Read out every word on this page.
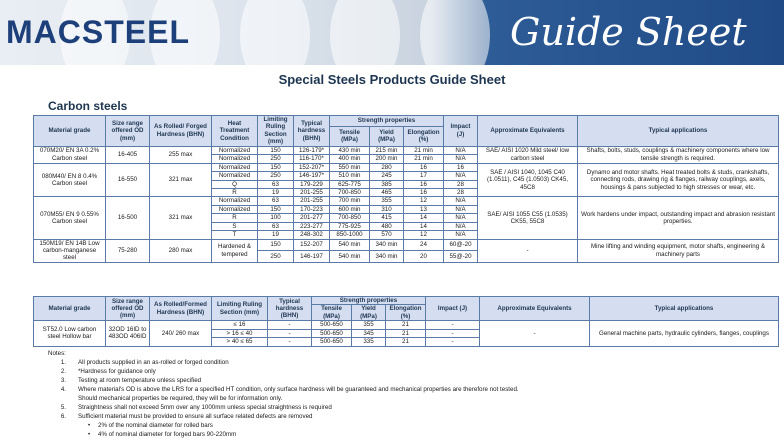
MACSTEEL	Guide Sheet
Special Steels Products Guide Sheet
Carbon steels
Material grade	Size range offered OD (mm)	As Rolled/ Forged Hardness (BHN)	Heat Treatment Condition	Limiting Ruling Section (mm)	Typical hardness (BHN)	Strength properties			Impact (J)	Approximate Equivalents	Typical applications
						Tensile (MPa)	Yield (MPa)	Elongation (%)			
070M20/ EN 3A 0.2% Carbon steel	16-405	255 max	Normalized	150	126-179*	430 min	215 min	21 min	N/A	SAE/ AISI 1020 Mild steel/ low carbon steel	Shafts, bolts, studs, couplings & machinery components where low tensile strength is required.
			Normalized	250	116-170*	400 min	200 min	21 min	N/A		
080M40/ EN 8 0.4% Carbon steel	16-550	321 max	Normalized	150	152-207*	550 min	280	16	16	SAE / AISI 1040, 1045 C40 (1.0511), C45 (1.0503) CK45, 45C8	Dynamo and motor shafts. Heat treated bolts & studs, crankshafts, connecting rods, drawing rig & flanges, railway couplings, axels, housings & pans subjected to high stresses or wear, etc.
			Normalized	250	146-197*	510 min	245	17	N/A		
			Q	63	179-229	625-775	385	16	28		
			R	19	201-255	700-850	465	16	28		
070M55/ EN 9 0.55% Carbon steel	16-500	321 max	Normalized	63	201-255	700 min	355	12	N/A	SAE/ AISI 1055 C55 (1.0535) CK55, 55C8	Work hardens under impact, outstanding impact and abrasion resistant properties.
			Normalized	150	170-223	600 min	310	13	N/A		
			R	100	201-277	700-850	415	14	N/A		
			S	63	223-277	775-925	480	14	N/A		
			T	19	248-302	850-1000	570	12	N/A		
150M19/ EN 14B Low carbon-manganese steel	75-280	280 max	Hardened & tempered	150	152-207	540 min	340 min	24	60@-20	-	Mine lifting and winding equipment, motor shafts, engineering & machinery parts
				250	146-197	540 min	340 min	20	55@-20		
Material grade	Size range offered OD (mm)	As Rolled/Formed Hardness (BHN)	Limiting Ruling Section (mm)	Typical hardness (BHN)	Strength properties			Impact (J)	Approximate Equivalents	Typical applications
					Tensile (MPa)	Yield (MPa)	Elongation (%)			
ST52.0 Low carbon steel Hollow bar	32OD 16ID to 483OD 406ID	240/ 260 max	≤ 16	-	500-650	355	21	-	-	General machine parts, hydraulic cylinders, flanges, couplings
			> 16 ≤ 40	-	500-650	345	21	-		
			> 40 ≤ 65	-	500-650	335	21	-		
Notes:
1. All products supplied in an as-rolled or forged condition
2. *Hardness for guidance only
3. Testing at room temperature unless specified
4. Where material's OD is above the LRS for a specified HT condition, only surface hardness will be guaranteed and mechanical properties are therefore not tested.
Should mechanical properties be required, they will be for information only.
5. Straightness shall not exceed 5mm over any 1000mm unless special straightness is required
6. Sufficient material must be provided to ensure all surface related defects are removed
• 2% of the nominal diameter for rolled bars
• 4% of nominal diameter for forged bars 90-220mm
